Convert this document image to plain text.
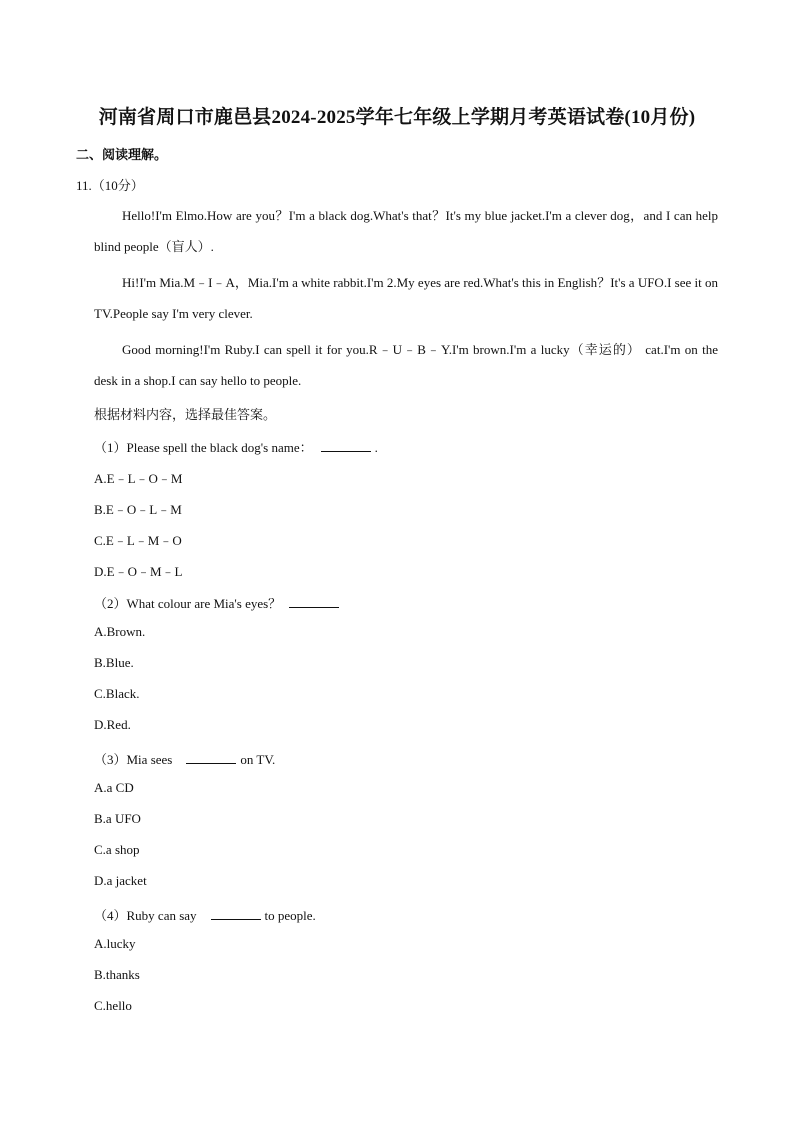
河南省周口市鹿邑县2024-2025学年七年级上学期月考英语试卷(10月份)
二、阅读理解。
11.（10分）
Hello!I'm Elmo.How are you？I'm a black dog.What's that？It's my blue jacket.I'm a clever dog，and I can help blind people（盲人）.
Hi!I'm Mia.M﹣I﹣A，Mia.I'm a white rabbit.I'm 2.My eyes are red.What's this in English？It's a UFO.I see it on TV.People say I'm very clever.
Good morning!I'm Ruby.I can spell it for you.R﹣U﹣B﹣Y.I'm brown.I'm a lucky（幸运的） cat.I'm on the desk in a shop.I can say hello to people.
根据材料内容，选择最佳答案。
（1）Please spell the black dog's name：	.
A.E﹣L﹣O﹣M
B.E﹣O﹣L﹣M
C.E﹣L﹣M﹣O
D.E﹣O﹣M﹣L
（2）What colour are Mia's eyes？
A.Brown.
B.Blue.
C.Black.
D.Red.
（3）Mia sees	on TV.
A.a CD
B.a UFO
C.a shop
D.a jacket
（4）Ruby can say	to people.
A.lucky
B.thanks
C.hello
